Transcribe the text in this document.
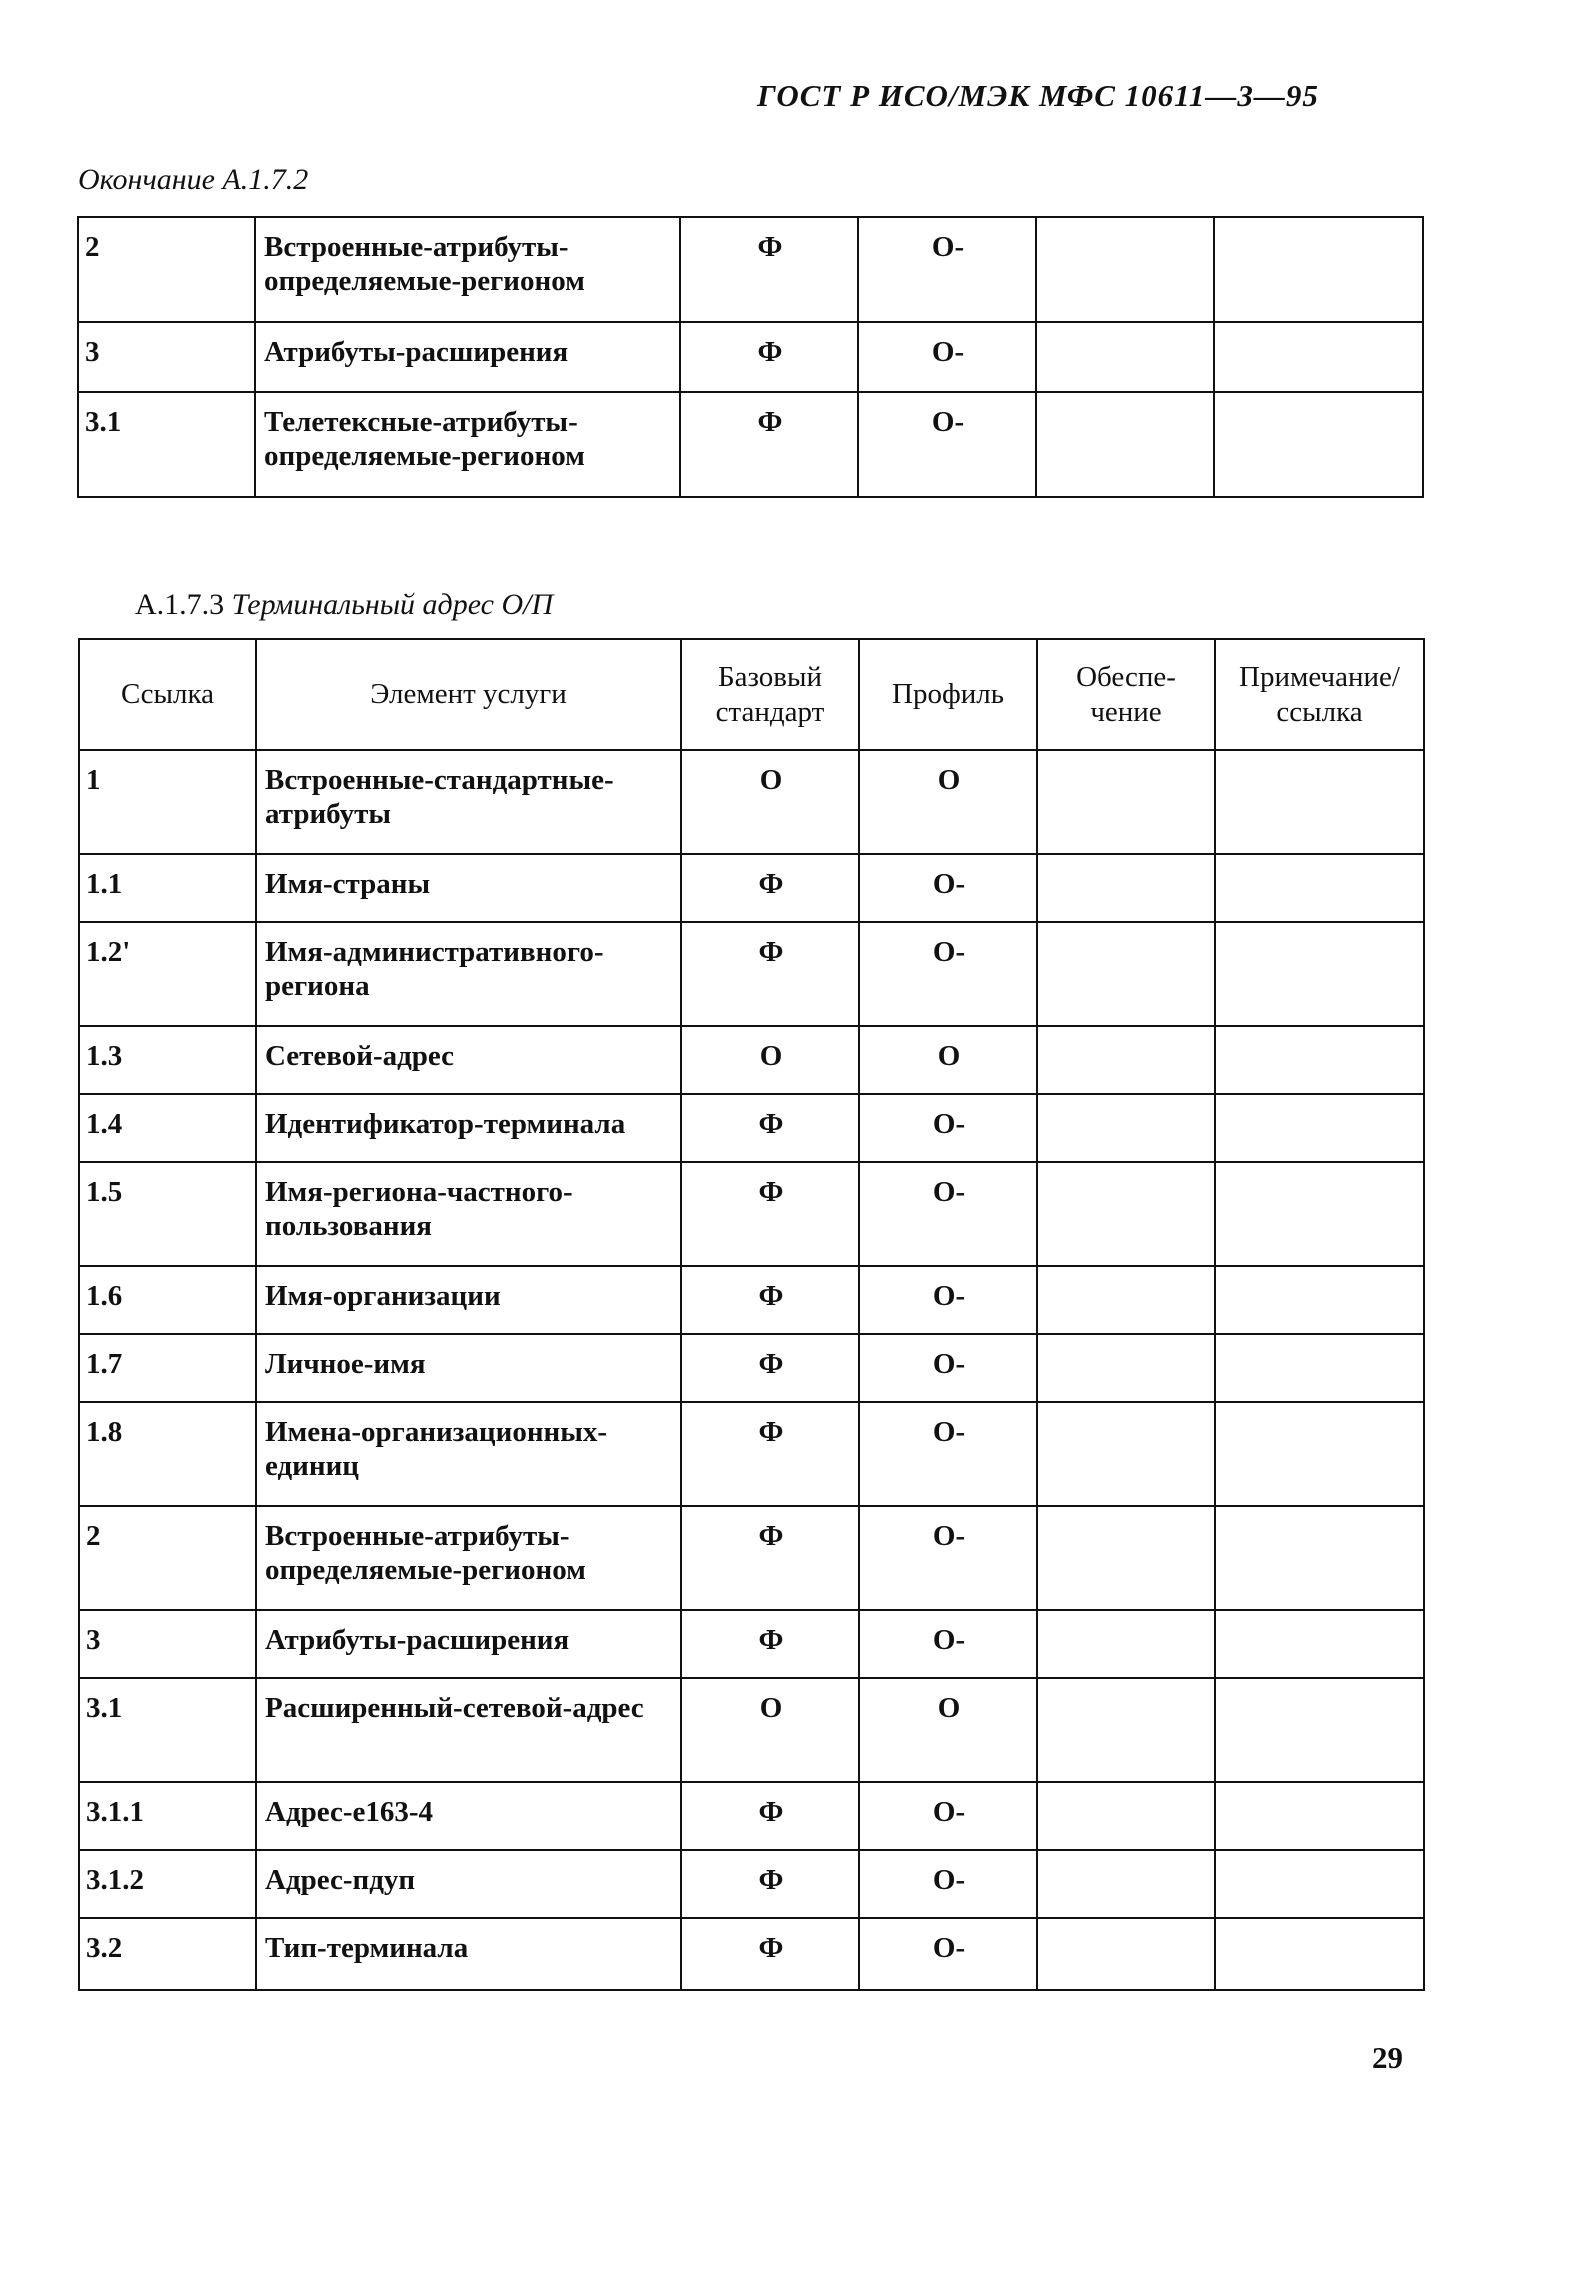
ГОСТ Р ИСО/МЭК МФС 10611—3—95
Окончание А.1.7.2
2	Встроенные-атрибуты-определяемые-регионом	Ф	О-		
3	Атрибуты-расширения	Ф	О-		
3.1	Телетексные-атрибуты-определяемые-регионом	Ф	О-		
А.1.7.3 Терминальный адрес О/П
Ссылка	Элемент услуги	Базовый стандарт	Профиль	Обеспе-чение	Примечание/ссылка
1	Встроенные-стандартные-атрибуты	О	О		
1.1	Имя-страны	Ф	О-		
1.2'	Имя-административного-региона	Ф	О-		
1.3	Сетевой-адрес	О	О		
1.4	Идентификатор-терминала	Ф	О-		
1.5	Имя-региона-частного-пользования	Ф	О-		
1.6	Имя-организации	Ф	О-		
1.7	Личное-имя	Ф	О-		
1.8	Имена-организационных-единиц	Ф	О-		
2	Встроенные-атрибуты-определяемые-регионом	Ф	О-		
3	Атрибуты-расширения	Ф	О-		
3.1	Расширенный-сетевой-адрес	О	О		
3.1.1	Адрес-е163-4	Ф	О-		
3.1.2	Адрес-пдуп	Ф	О-		
3.2	Тип-терминала	Ф	О-		
29
